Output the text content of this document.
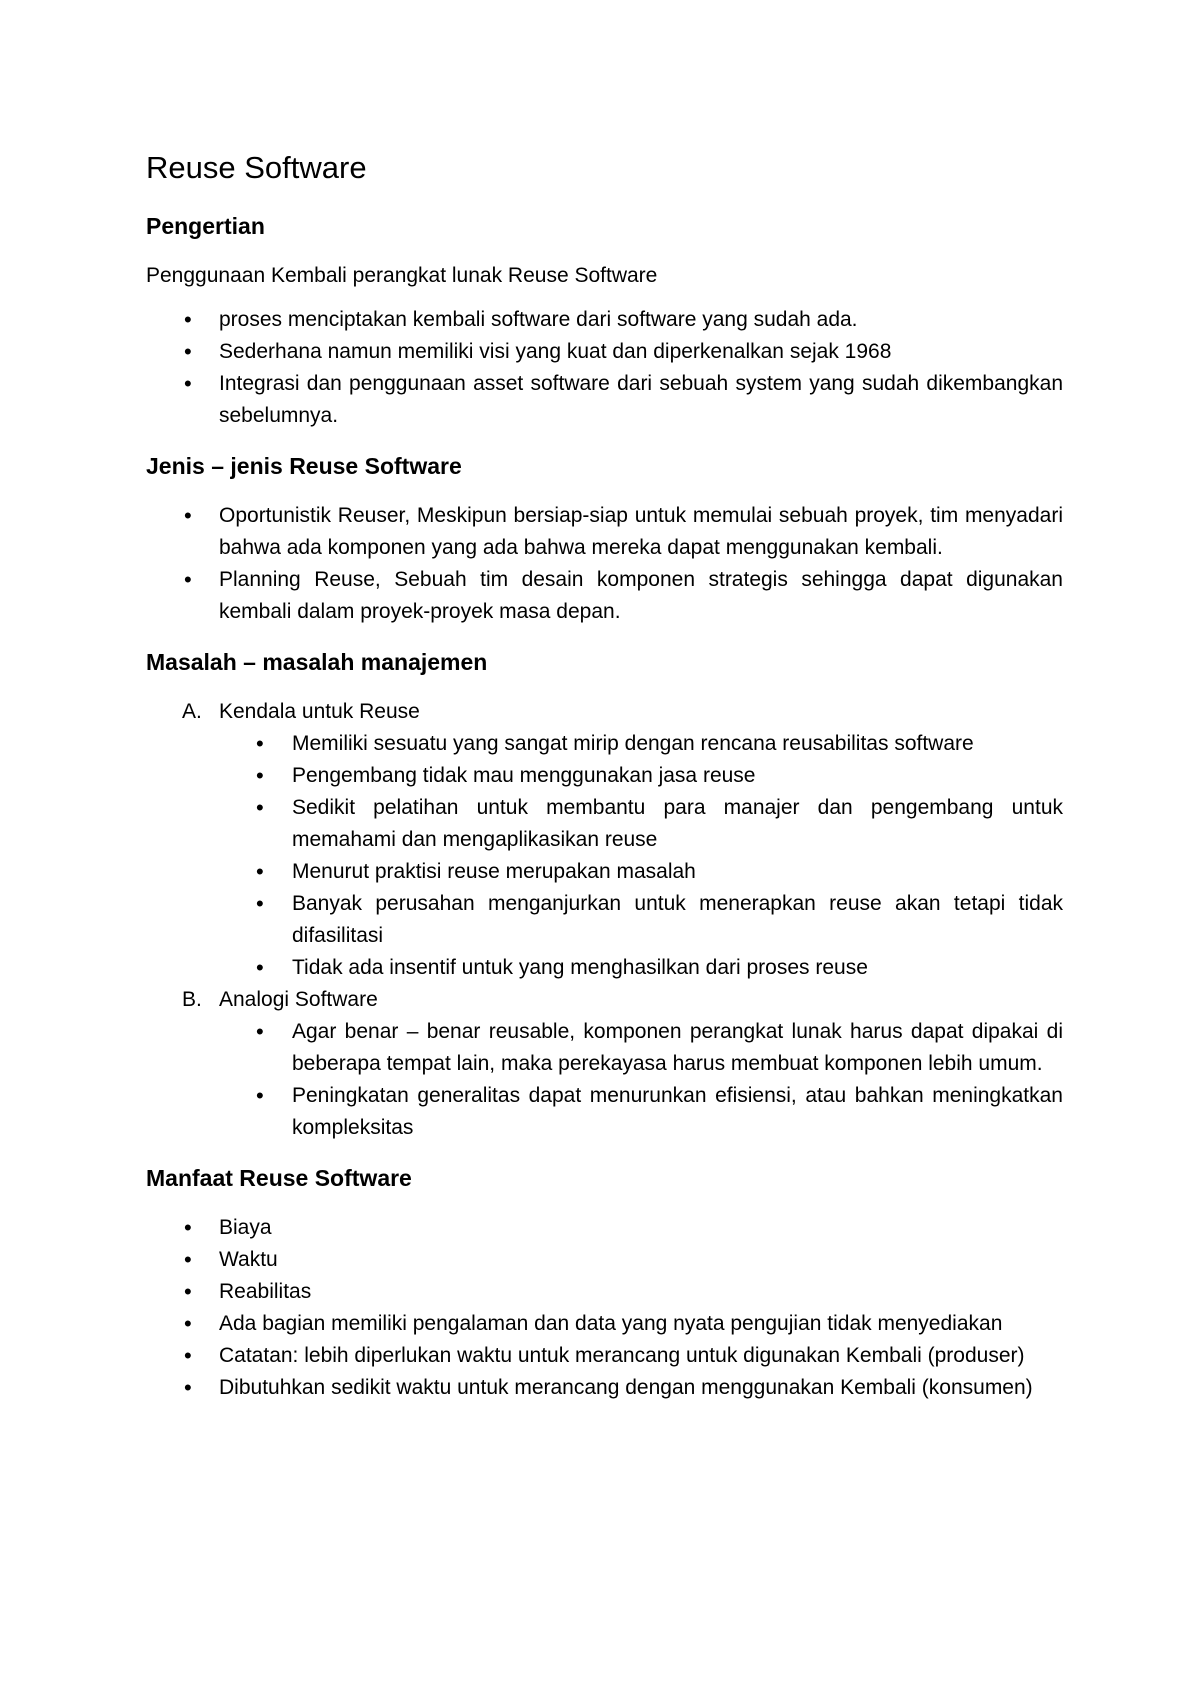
Reuse Software
Pengertian

Penggunaan Kembali perangkat lunak Reuse Software

• proses menciptakan kembali software dari software yang sudah ada.
• Sederhana namun memiliki visi yang kuat dan diperkenalkan sejak 1968
• Integrasi dan penggunaan asset software dari sebuah system yang sudah dikembangkan sebelumnya.
Jenis – jenis Reuse Software
• Oportunistik Reuser, Meskipun bersiap-siap untuk memulai sebuah proyek, tim menyadari bahwa ada komponen yang ada bahwa mereka dapat menggunakan kembali.
• Planning Reuse, Sebuah tim desain komponen strategis sehingga dapat digunakan kembali dalam proyek-proyek masa depan.
Masalah – masalah manajemen
A. Kendala untuk Reuse
• Memiliki sesuatu yang sangat mirip dengan rencana reusabilitas software
• Pengembang tidak mau menggunakan jasa reuse
• Sedikit pelatihan untuk membantu para manajer dan pengembang untuk memahami dan mengaplikasikan reuse
• Menurut praktisi reuse merupakan masalah
• Banyak perusahan menganjurkan untuk menerapkan reuse akan tetapi tidak difasilitasi
• Tidak ada insentif untuk yang menghasilkan dari proses reuse
B. Analogi Software
• Agar benar – benar reusable, komponen perangkat lunak harus dapat dipakai di beberapa tempat lain, maka perekayasa harus membuat komponen lebih umum.
• Peningkatan generalitas dapat menurunkan efisiensi, atau bahkan meningkatkan kompleksitas
Manfaat Reuse Software
• Biaya
• Waktu
• Reabilitas
• Ada bagian memiliki pengalaman dan data yang nyata pengujian tidak menyediakan
• Catatan: lebih diperlukan waktu untuk merancang untuk digunakan Kembali (produser)
• Dibutuhkan sedikit waktu untuk merancang dengan menggunakan Kembali (konsumen)
